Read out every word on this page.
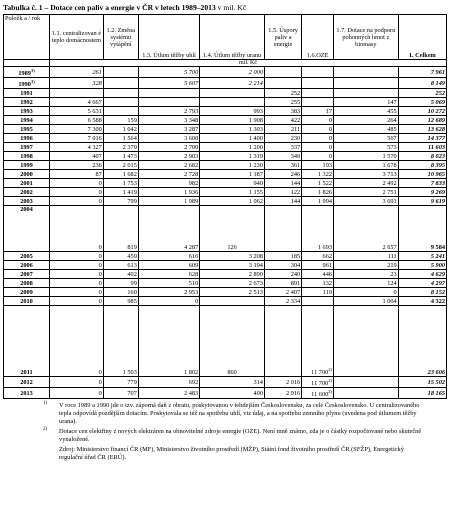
Tabulka č. 1 – Dotace cen paliv a energie v ČR v letech 1989–2013 v mil. Kč
Položk a / rok	1.1. centralizovan é teplo domácnostem	1.2. Změna systému vytápění	1.3. Útlum těžby uhlí	1.4. Útlum těžby uranu	1.5. Úspory paliv a energie	1.6.OZE	1.7. Dotace na podporu pohonných hmot z biomasy	1. Celkem
	mil. Kč							
1989$^{1)}$	261		5 700	2 000				7 961
1990$^{1)}$	328		5 607	2 214				8 149
1991					252			252
1992	4 667				255		147	5 069
1993	5 631		2 793	993	383	17	455	10 272
1994	6 588	159	3 348	1 908	422	0	264	12 689
1995	7 300	1 042	3 287	1 303	211	0	485	13 628
1996	7 016	1 564	3 600	1 400	230	0	567	14 377
1997	4 327	2 379	2 700	1 200	337	0	573	11 603
1998	407	1 473	2 903	1 319	349	0	1 570	8 023
1999	236	2 015	2 682	1 230	361	193	1 678	8 395
2000	87	1 682	2 728	1 187	246	1 322	3 713	10 965
2001	0	1 753	982	940	144	1 522	2 492	7 833
2002	0	1 419	1 936	1 155	122	1 826	2 751	9 269
2003	0	799	1 989	1 062	144	1 994	3 691	9 619
2004	0	819	4 287	126		1 693	2 657	9 584
2005	0	459	616	3 208	185	662	111	5 241
2006	0	613	609	3 194	304	961	219	5 900
2007	0	402	628	2 890	240	446	23	4 629
2008	0	99	510	2 673	891	132	124	4 297
2009	0	160	2 953	2 513	2 407	119	0	8 152
2010	0	985	0		2 334		1 004	4 322
2011	0	1 503	1 802	860		11 700$^{2)}$		23 606
2012	0	779	692	314	2 016	11 700$^{2)}$		15 502
2013	0	707	2 483	400	2 916	11 600$^{2)}$		18 165
1) V roce 1989 a 1990 jde o tzv. záporná daň z obratu, poskytovanou v tehdejším Československu, za celé Československo. U centralizovaného tepla odpovídá pozdějším dotacím. Poskytovala se též na spotřebu uhlí, viz údaj, a na spotřebu zemního plynu (uvedena pod útlumem těžby urana).
2) Dotace cen elektřiny z nových elektráren na obnovitelné zdroje energie (OZE). Není mně známo, zda je o částky rozpočtované nebo skutečně vynaložené.
Zdroj: Ministerstvo financí ČR (MF), Ministerstvo životního prostředí (MŽP), Státní fond životního prostředí ČR (SFŽP), Energetický regulační úřad ČR (ERÚ).
